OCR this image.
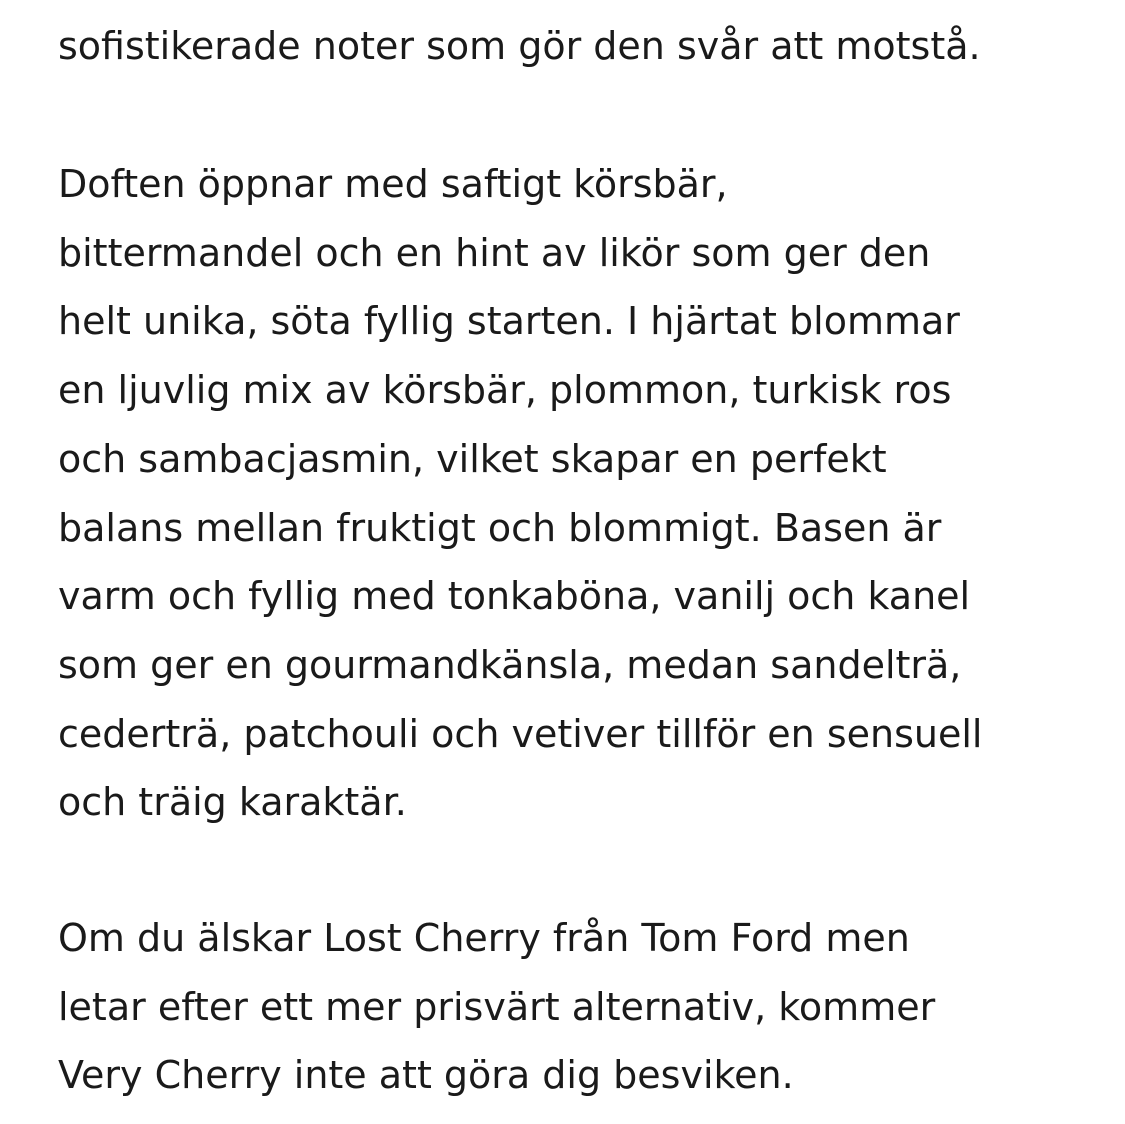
sofistikerade noter som gör den svår att motstå.
Doften öppnar med saftigt körsbär,
bittermandel och en hint av likör som ger den
helt unika, söta fyllig starten. I hjärtat blommar
en ljuvlig mix av körsbär, plommon, turkisk ros
och sambacjasmin, vilket skapar en perfekt
balans mellan fruktigt och blommigt. Basen är
varm och fyllig med tonkaböna, vanilj och kanel
som ger en gourmandkänsla, medan sandelträ,
cederträ, patchouli och vetiver tillför en sensuell
och träig karaktär.
Om du älskar Lost Cherry från Tom Ford men
letar efter ett mer prisvärt alternativ, kommer
Very Cherry inte att göra dig besviken.
